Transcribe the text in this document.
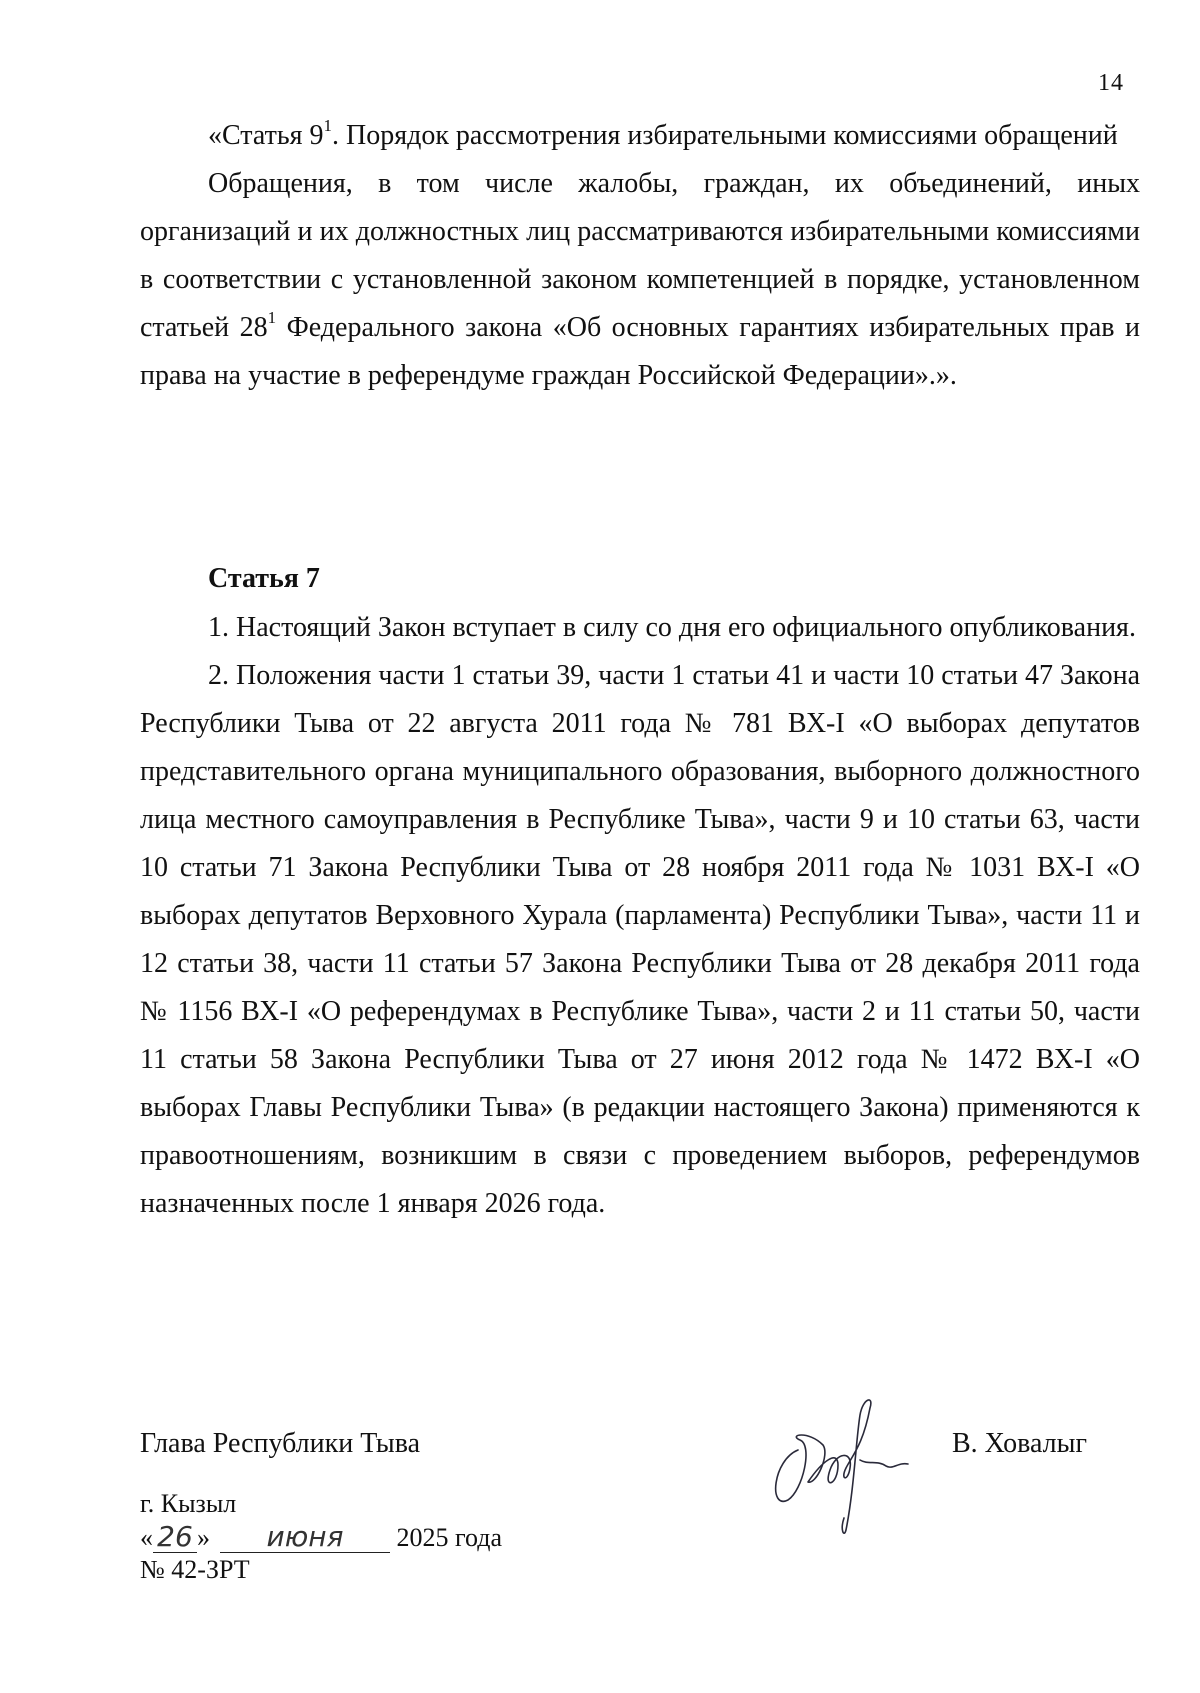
14

«Статья $9^1$. Порядок рассмотрения избирательными комиссиями обращений

Обращения, в том числе жалобы, граждан, их объединений, иных организаций и их должностных лиц рассматриваются избирательными комиссиями в соответствии с установленной законом компетенцией в порядке, установленном статьей $28^1$ Федерального закона «Об основных гарантиях избирательных прав и права на участие в референдуме граждан Российской Федерации».».

Статья 7

1. Настоящий Закон вступает в силу со дня его официального опубликования.

2. Положения части 1 статьи 39, части 1 статьи 41 и части 10 статьи 47 Закона Республики Тыва от 22 августа 2011 года № 781 ВХ-I «О выборах депутатов представительного органа муниципального образования, выборного должностного лица местного самоуправления в Республике Тыва», части 9 и 10 статьи 63, части 10 статьи 71 Закона Республики Тыва от 28 ноября 2011 года № 1031 ВХ-I «О выборах депутатов Верховного Хурала (парламента) Республики Тыва», части 11 и 12 статьи 38, части 11 статьи 57 Закона Республики Тыва от 28 декабря 2011 года № 1156 ВХ-I «О референдумах в Республике Тыва», части 2 и 11 статьи 50, части 11 статьи 58 Закона Республики Тыва от 27 июня 2012 года № 1472 ВХ-I «О выборах Главы Республики Тыва» (в редакции настоящего Закона) применяются к правоотношениям, возникшим в связи с проведением выборов, референдумов назначенных после 1 января 2026 года.

Глава Республики Тыва	В. Ховалыг
г. Кызыл
« 26 » июня 2025 года
№ 42-ЗРТ
